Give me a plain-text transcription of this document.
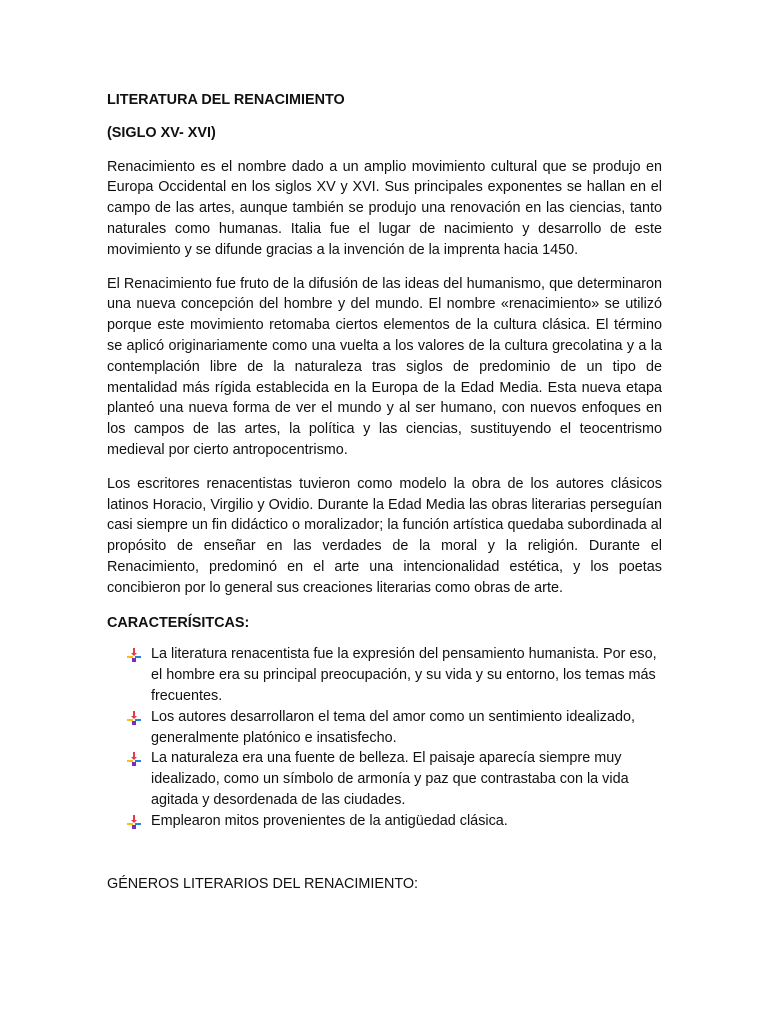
LITERATURA DEL RENACIMIENTO
(SIGLO XV- XVI)

Renacimiento es el nombre dado a un amplio movimiento cultural que se produjo en Europa Occidental en los siglos XV y XVI. Sus principales exponentes se hallan en el campo de las artes, aunque también se produjo una renovación en las ciencias, tanto naturales como humanas. Italia fue el lugar de nacimiento y desarrollo de este movimiento y se difunde gracias a la invención de la imprenta hacia 1450.

El Renacimiento fue fruto de la difusión de las ideas del humanismo, que determinaron una nueva concepción del hombre y del mundo. El nombre «renacimiento» se utilizó porque este movimiento retomaba ciertos elementos de la cultura clásica. El término se aplicó originariamente como una vuelta a los valores de la cultura grecolatina y a la contemplación libre de la naturaleza tras siglos de predominio de un tipo de mentalidad más rígida establecida en la Europa de la Edad Media. Esta nueva etapa planteó una nueva forma de ver el mundo y al ser humano, con nuevos enfoques en los campos de las artes, la política y las ciencias, sustituyendo el teocentrismo medieval por cierto antropocentrismo.

Los escritores renacentistas tuvieron como modelo la obra de los autores clásicos latinos Horacio, Virgilio y Ovidio. Durante la Edad Media las obras literarias perseguían casi siempre un fin didáctico o moralizador; la función artística quedaba subordinada al propósito de enseñar en las verdades de la moral y la religión. Durante el Renacimiento, predominó en el arte una intencionalidad estética, y los poetas concibieron por lo general sus creaciones literarias como obras de arte.

CARACTERÍSITCAS:
La literatura renacentista fue la expresión del pensamiento humanista. Por eso, el hombre era su principal preocupación, y su vida y su entorno, los temas más frecuentes.
Los autores desarrollaron el tema del amor como un sentimiento idealizado, generalmente platónico e insatisfecho.
La naturaleza era una fuente de belleza. El paisaje aparecía siempre muy idealizado, como un símbolo de armonía y paz que contrastaba con la vida agitada y desordenada de las ciudades.
Emplearon mitos provenientes de la antigüedad clásica.
GÉNEROS LITERARIOS DEL RENACIMIENTO:
